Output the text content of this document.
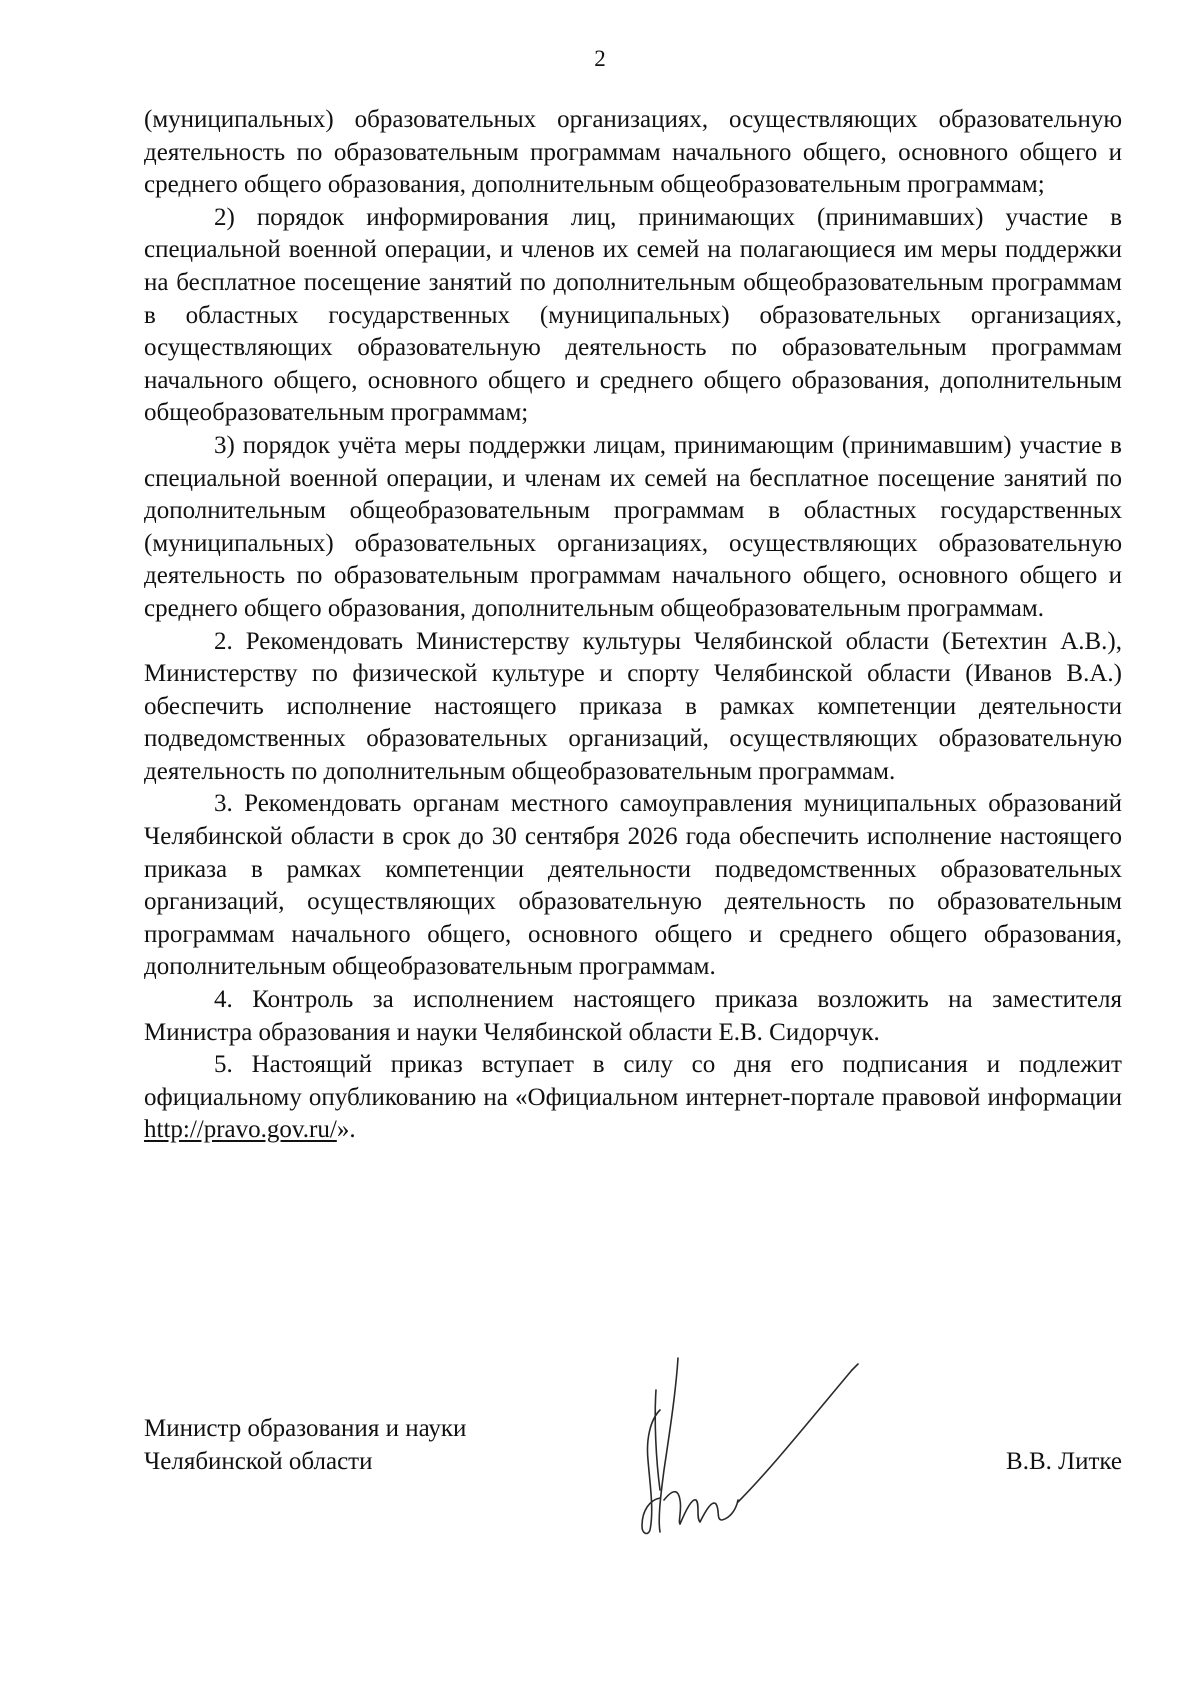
2

(муниципальных) образовательных организациях, осуществляющих образовательную деятельность по образовательным программам начального общего, основного общего и среднего общего образования, дополнительным общеобразовательным программам;

2) порядок информирования лиц, принимающих (принимавших) участие в специальной военной операции, и членов их семей на полагающиеся им меры поддержки на бесплатное посещение занятий по дополнительным общеобразовательным программам в областных государственных (муниципальных) образовательных организациях, осуществляющих образовательную деятельность по образовательным программам начального общего, основного общего и среднего общего образования, дополнительным общеобразовательным программам;

3) порядок учёта меры поддержки лицам, принимающим (принимавшим) участие в специальной военной операции, и членам их семей на бесплатное посещение занятий по дополнительным общеобразовательным программам в областных государственных (муниципальных) образовательных организациях, осуществляющих образовательную деятельность по образовательным программам начального общего, основного общего и среднего общего образования, дополнительным общеобразовательным программам.

2. Рекомендовать Министерству культуры Челябинской области (Бетехтин А.В.), Министерству по физической культуре и спорту Челябинской области (Иванов В.А.) обеспечить исполнение настоящего приказа в рамках компетенции деятельности подведомственных образовательных организаций, осуществляющих образовательную деятельность по дополнительным общеобразовательным программам.

3. Рекомендовать органам местного самоуправления муниципальных образований Челябинской области в срок до 30 сентября 2026 года обеспечить исполнение настоящего приказа в рамках компетенции деятельности подведомственных образовательных организаций, осуществляющих образовательную деятельность по образовательным программам начального общего, основного общего и среднего общего образования, дополнительным общеобразовательным программам.

4. Контроль за исполнением настоящего приказа возложить на заместителя Министра образования и науки Челябинской области Е.В. Сидорчук.

5. Настоящий приказ вступает в силу со дня его подписания и подлежит официальному опубликованию на «Официальном интернет-портале правовой информации http://pravo.gov.ru/».

Министр образования и науки
Челябинской области	В.В. Литке
